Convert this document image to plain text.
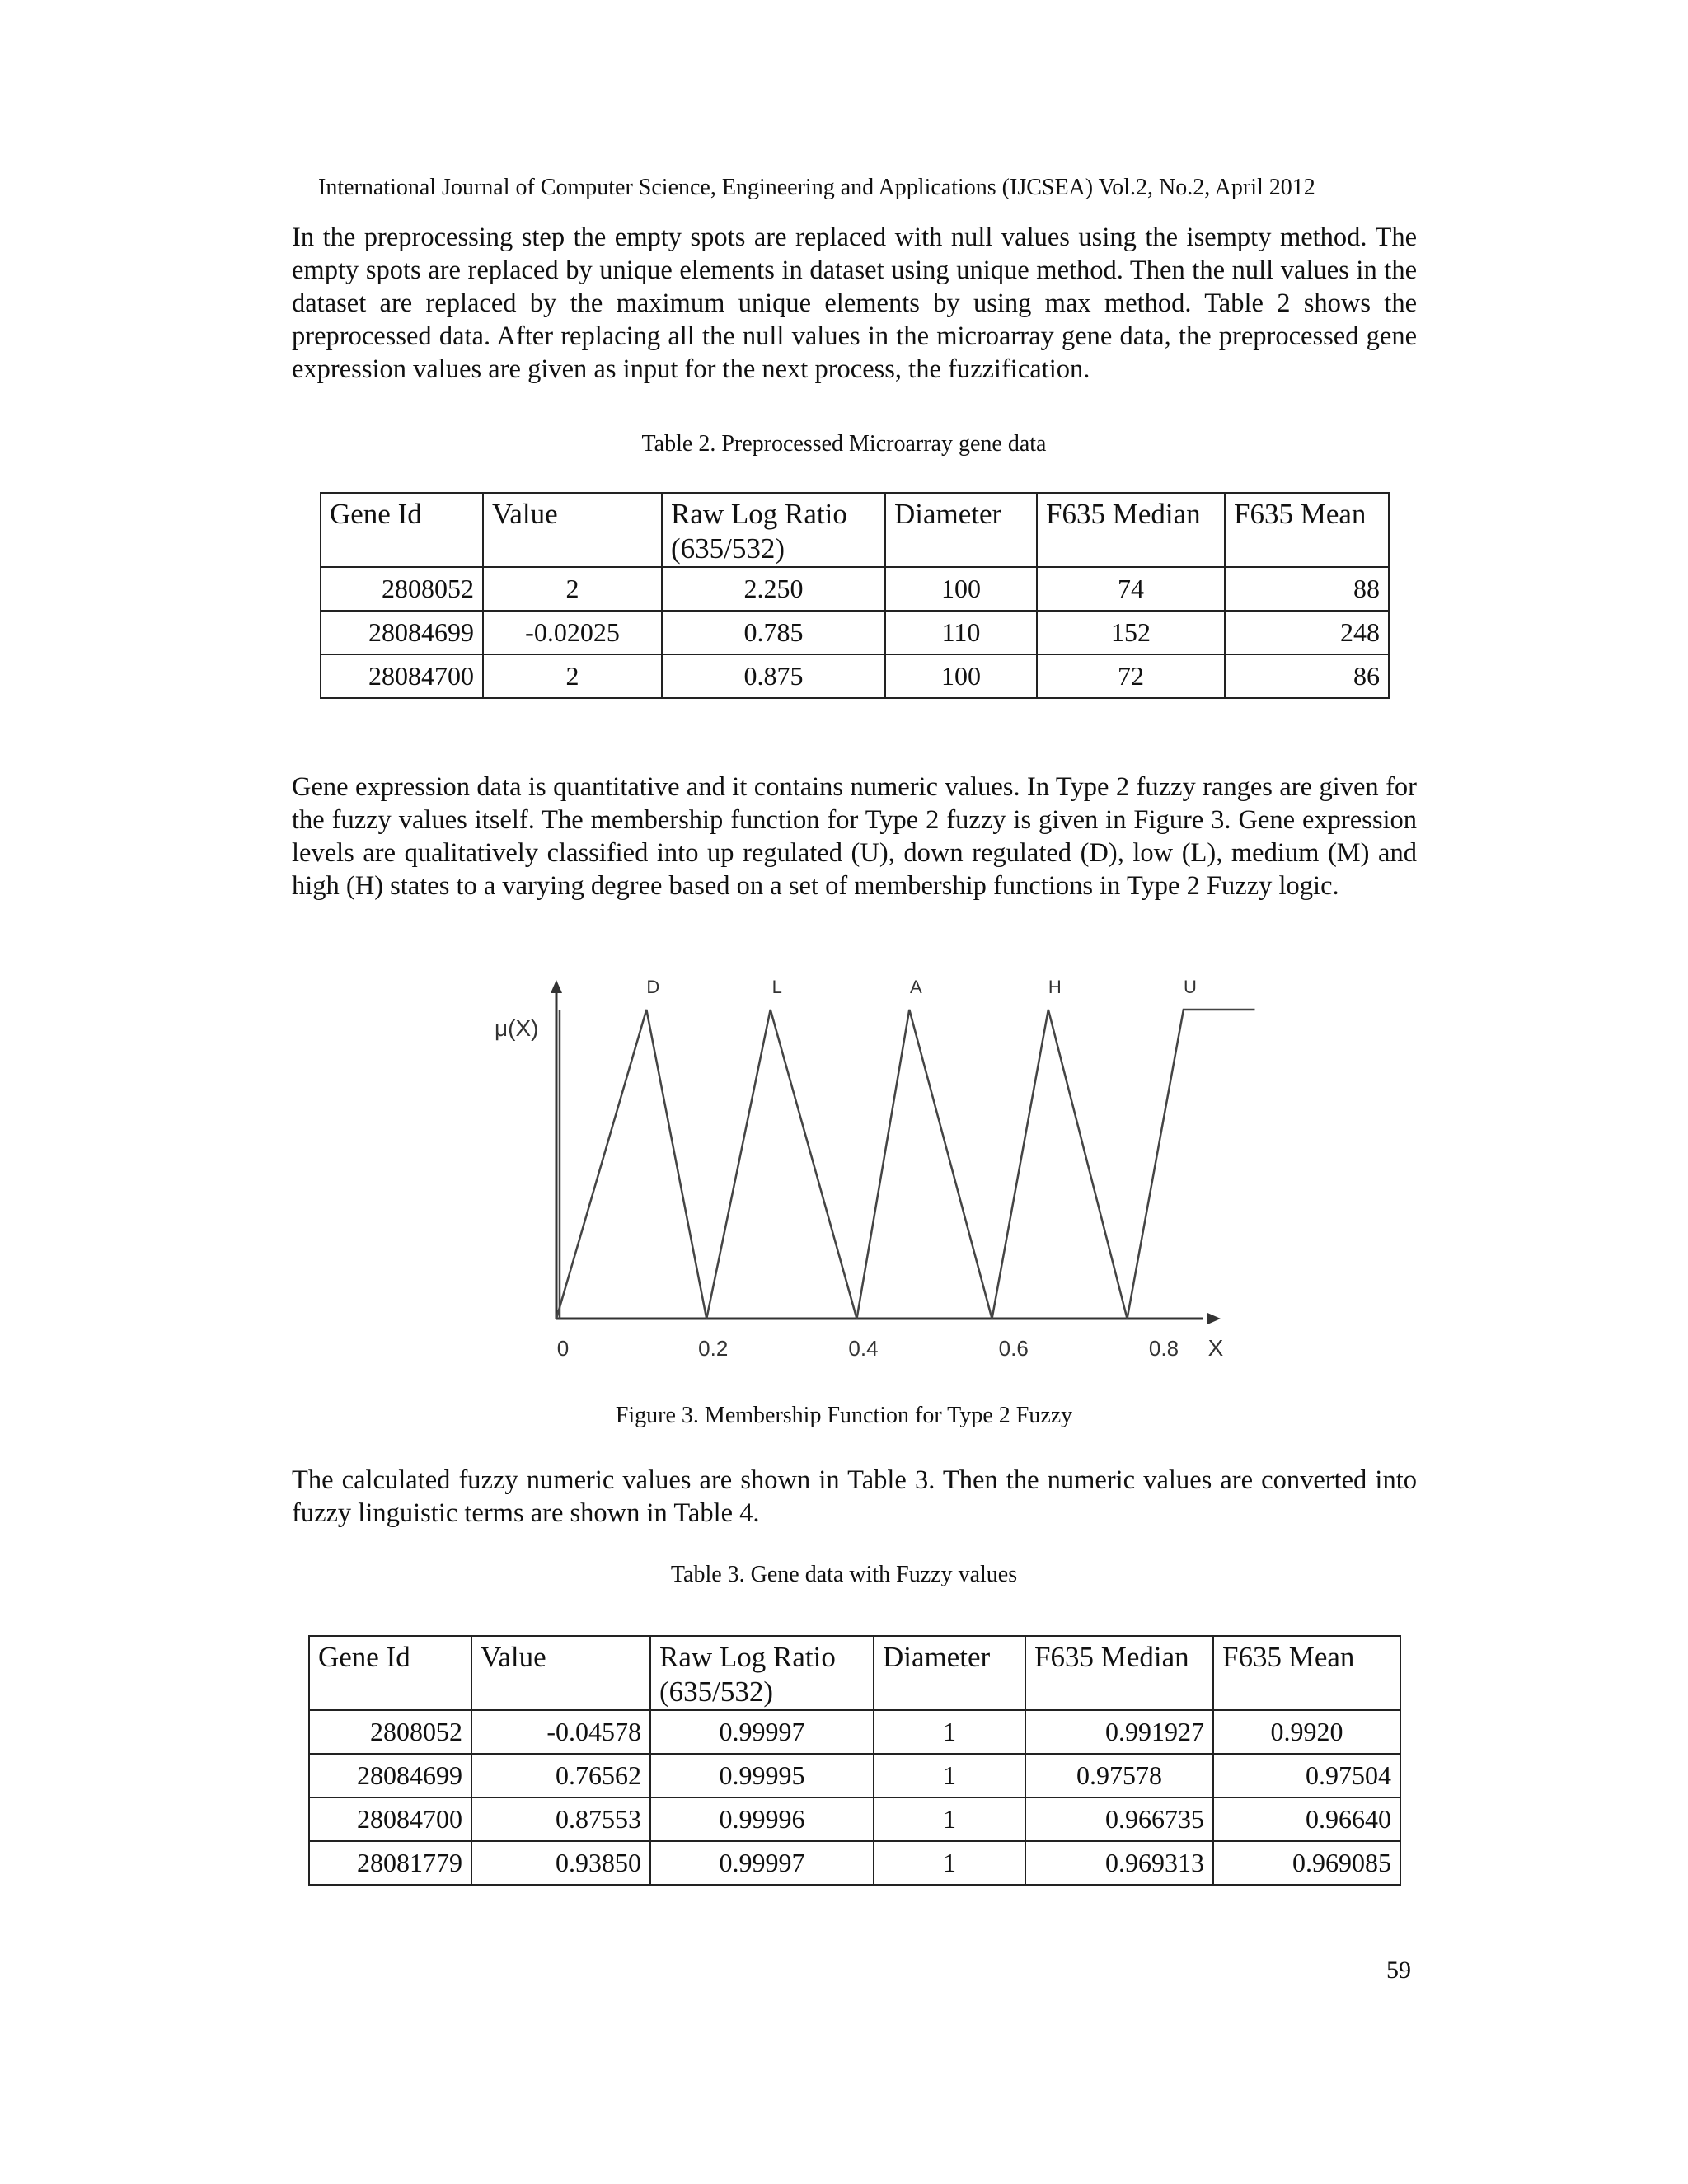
International Journal of Computer Science, Engineering and Applications (IJCSEA) Vol.2, No.2, April 2012

In the preprocessing step the empty spots are replaced with null values using the isempty method. The empty spots are replaced by unique elements in dataset using unique method. Then the null values in the dataset are replaced by the maximum unique elements by using max method. Table 2 shows the preprocessed data. After replacing all the null values in the microarray gene data, the preprocessed gene expression values are given as input for the next process, the fuzzification.

Table 2. Preprocessed Microarray gene data
Gene Id	Value	Raw Log Ratio (635/532)	Diameter	F635 Median	F635 Mean
2808052	2	2.250	100	74	88
28084699	-0.02025	0.785	110	152	248
28084700	2	0.875	100	72	86

Gene expression data is quantitative and it contains numeric values. In Type 2 fuzzy ranges are given for the fuzzy values itself. The membership function for Type 2 fuzzy is given in Figure 3. Gene expression levels are qualitatively classified into up regulated (U), down regulated (D), low (L), medium (M) and high (H) states to a varying degree based on a set of membership functions in Type 2 Fuzzy logic.

D	L	A	H	U
0	0.2	0.4	0.6	0.8 X
μ(X)
Figure 3. Membership Function for Type 2 Fuzzy

The calculated fuzzy numeric values are shown in Table 3. Then the numeric values are converted into fuzzy linguistic terms are shown in Table 4.

Table 3. Gene data with Fuzzy values
Gene Id	Value	Raw Log Ratio (635/532)	Diameter	F635 Median	F635 Mean
2808052	-0.04578	0.99997	1	0.991927	0.9920
28084699	0.76562	0.99995	1	0.97578	0.97504
28084700	0.87553	0.99996	1	0.966735	0.96640
28081779	0.93850	0.99997	1	0.969313	0.969085
59
